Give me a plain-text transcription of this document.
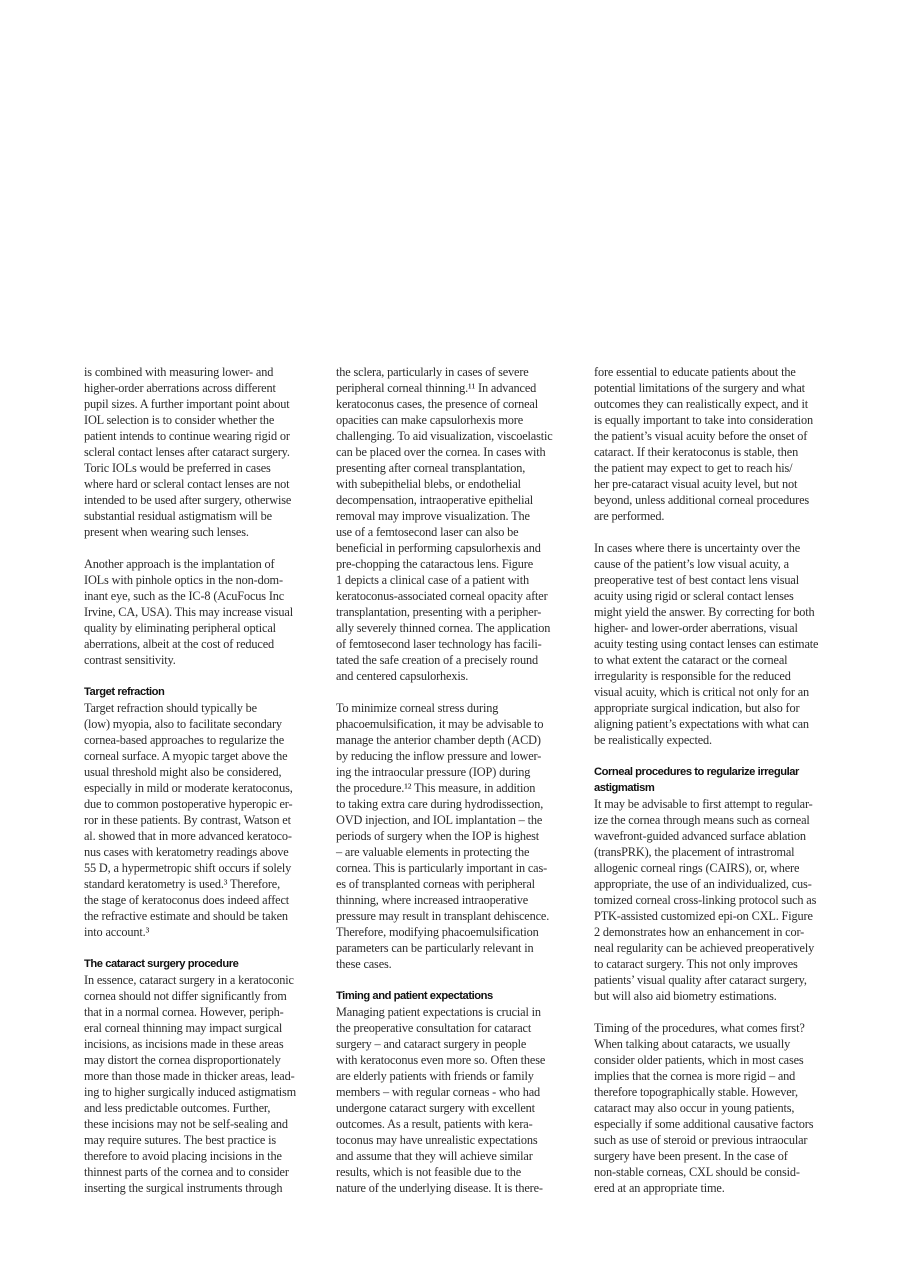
is combined with measuring lower- and
higher-order aberrations across different
pupil sizes. A further important point about
IOL selection is to consider whether the
patient intends to continue wearing rigid or
scleral contact lenses after cataract surgery.
Toric IOLs would be preferred in cases
where hard or scleral contact lenses are not
intended to be used after surgery, otherwise
substantial residual astigmatism will be
present when wearing such lenses.
Another approach is the implantation of
IOLs with pinhole optics in the non-dom-
inant eye, such as the IC-8 (AcuFocus Inc
Irvine, CA, USA). This may increase visual
quality by eliminating peripheral optical
aberrations, albeit at the cost of reduced
contrast sensitivity.
Target refraction
Target refraction should typically be
(low) myopia, also to facilitate secondary
cornea-based approaches to regularize the
corneal surface. A myopic target above the
usual threshold might also be considered,
especially in mild or moderate keratoconus,
due to common postoperative hyperopic er-
ror in these patients. By contrast, Watson et
al. showed that in more advanced keratoco-
nus cases with keratometry readings above
55 D, a hypermetropic shift occurs if solely
standard keratometry is used.³ Therefore,
the stage of keratoconus does indeed affect
the refractive estimate and should be taken
into account.³
The cataract surgery procedure
In essence, cataract surgery in a keratoconic
cornea should not differ significantly from
that in a normal cornea. However, periph-
eral corneal thinning may impact surgical
incisions, as incisions made in these areas
may distort the cornea disproportionately
more than those made in thicker areas, lead-
ing to higher surgically induced astigmatism
and less predictable outcomes. Further,
these incisions may not be self-sealing and
may require sutures. The best practice is
therefore to avoid placing incisions in the
thinnest parts of the cornea and to consider
inserting the surgical instruments through
the sclera, particularly in cases of severe
peripheral corneal thinning.¹¹ In advanced
keratoconus cases, the presence of corneal
opacities can make capsulorhexis more
challenging. To aid visualization, viscoelastic
can be placed over the cornea. In cases with
presenting after corneal transplantation,
with subepithelial blebs, or endothelial
decompensation, intraoperative epithelial
removal may improve visualization. The
use of a femtosecond laser can also be
beneficial in performing capsulorhexis and
pre-chopping the cataractous lens. Figure
1 depicts a clinical case of a patient with
keratoconus-associated corneal opacity after
transplantation, presenting with a peripher-
ally severely thinned cornea. The application
of femtosecond laser technology has facili-
tated the safe creation of a precisely round
and centered capsulorhexis.
To minimize corneal stress during
phacoemulsification, it may be advisable to
manage the anterior chamber depth (ACD)
by reducing the inflow pressure and lower-
ing the intraocular pressure (IOP) during
the procedure.¹² This measure, in addition
to taking extra care during hydrodissection,
OVD injection, and IOL implantation – the
periods of surgery when the IOP is highest
– are valuable elements in protecting the
cornea. This is particularly important in cas-
es of transplanted corneas with peripheral
thinning, where increased intraoperative
pressure may result in transplant dehiscence.
Therefore, modifying phacoemulsification
parameters can be particularly relevant in
these cases.
Timing and patient expectations
Managing patient expectations is crucial in
the preoperative consultation for cataract
surgery – and cataract surgery in people
with keratoconus even more so. Often these
are elderly patients with friends or family
members – with regular corneas - who had
undergone cataract surgery with excellent
outcomes. As a result, patients with kera-
toconus may have unrealistic expectations
and assume that they will achieve similar
results, which is not feasible due to the
nature of the underlying disease. It is there-
fore essential to educate patients about the
potential limitations of the surgery and what
outcomes they can realistically expect, and it
is equally important to take into consideration
the patient’s visual acuity before the onset of
cataract. If their keratoconus is stable, then
the patient may expect to get to reach his/
her pre-cataract visual acuity level, but not
beyond, unless additional corneal procedures
are performed.
In cases where there is uncertainty over the
cause of the patient’s low visual acuity, a
preoperative test of best contact lens visual
acuity using rigid or scleral contact lenses
might yield the answer. By correcting for both
higher- and lower-order aberrations, visual
acuity testing using contact lenses can estimate
to what extent the cataract or the corneal
irregularity is responsible for the reduced
visual acuity, which is critical not only for an
appropriate surgical indication, but also for
aligning patient’s expectations with what can
be realistically expected.
Corneal procedures to regularize irregular
astigmatism
It may be advisable to first attempt to regular-
ize the cornea through means such as corneal
wavefront-guided advanced surface ablation
(transPRK), the placement of intrastromal
allogenic corneal rings (CAIRS), or, where
appropriate, the use of an individualized, cus-
tomized corneal cross-linking protocol such as
PTK-assisted customized epi-on CXL. Figure
2 demonstrates how an enhancement in cor-
neal regularity can be achieved preoperatively
to cataract surgery. This not only improves
patients’ visual quality after cataract surgery,
but will also aid biometry estimations.
Timing of the procedures, what comes first?
When talking about cataracts, we usually
consider older patients, which in most cases
implies that the cornea is more rigid – and
therefore topographically stable. However,
cataract may also occur in young patients,
especially if some additional causative factors
such as use of steroid or previous intraocular
surgery have been present. In the case of
non-stable corneas, CXL should be consid-
ered at an appropriate time.
